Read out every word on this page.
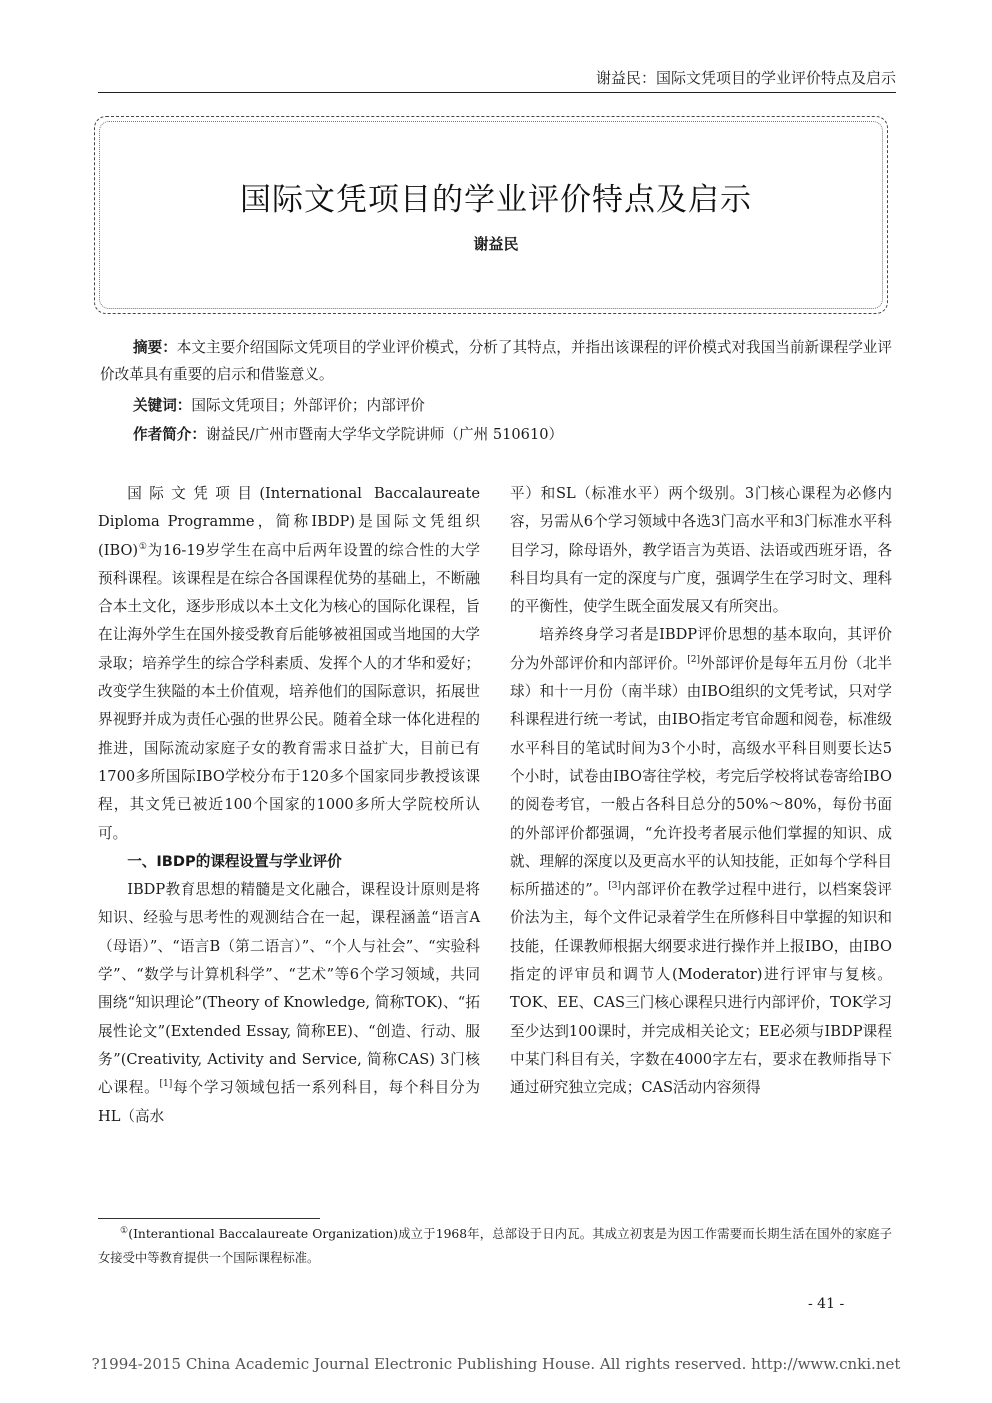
谢益民：国际文凭项目的学业评价特点及启示
国际文凭项目的学业评价特点及启示
谢益民
摘要：本文主要介绍国际文凭项目的学业评价模式，分析了其特点，并指出该课程的评价模式对我国当前新课程学业评价改革具有重要的启示和借鉴意义。
关键词：国际文凭项目；外部评价；内部评价
作者简介：谢益民/广州市暨南大学华文学院讲师（广州 510610）

国际文凭项目(International Baccalaureate Diploma Programme，简称IBDP)是国际文凭组织(IBO)①为16-19岁学生在高中后两年设置的综合性的大学预科课程。该课程是在综合各国课程优势的基础上，不断融合本土文化，逐步形成以本土文化为核心的国际化课程，旨在让海外学生在国外接受教育后能够被祖国或当地国的大学录取；培养学生的综合学科素质、发挥个人的才华和爱好；改变学生狭隘的本土价值观，培养他们的国际意识，拓展世界视野并成为责任心强的世界公民。随着全球一体化进程的推进，国际流动家庭子女的教育需求日益扩大，目前已有1700多所国际IBO学校分布于120多个国家同步教授该课程，其文凭已被近100个国家的1000多所大学院校所认可。

一、IBDP的课程设置与学业评价

IBDP教育思想的精髓是文化融合，课程设计原则是将知识、经验与思考性的观测结合在一起，课程涵盖“语言A（母语）”、“语言B（第二语言）”、“个人与社会”、“实验科学”、“数学与计算机科学”、“艺术”等6个学习领域，共同围绕“知识理论”(Theory of Knowledge, 简称TOK)、“拓展性论文”(Extended Essay, 简称EE)、“创造、行动、服务”(Creativity, Activity and Service, 简称CAS) 3门核心课程。[1]每个学习领域包括一系列科目，每个科目分为HL（高水

平）和SL（标准水平）两个级别。3门核心课程为必修内容，另需从6个学习领域中各选3门高水平和3门标准水平科目学习，除母语外，教学语言为英语、法语或西班牙语，各科目均具有一定的深度与广度，强调学生在学习时文、理科的平衡性，使学生既全面发展又有所突出。

培养终身学习者是IBDP评价思想的基本取向，其评价分为外部评价和内部评价。[2]外部评价是每年五月份（北半球）和十一月份（南半球）由IBO组织的文凭考试，只对学科课程进行统一考试，由IBO指定考官命题和阅卷，标准级水平科目的笔试时间为3个小时，高级水平科目则要长达5个小时，试卷由IBO寄往学校，考完后学校将试卷寄给IBO的阅卷考官，一般占各科目总分的50%～80%，每份书面的外部评价都强调，“允许投考者展示他们掌握的知识、成就、理解的深度以及更高水平的认知技能，正如每个学科目标所描述的”。[3]内部评价在教学过程中进行，以档案袋评价法为主，每个文件记录着学生在所修科目中掌握的知识和技能，任课教师根据大纲要求进行操作并上报IBO，由IBO指定的评审员和调节人(Moderator)进行评审与复核。TOK、EE、CAS三门核心课程只进行内部评价，TOK学习至少达到100课时，并完成相关论文；EE必须与IBDP课程中某门科目有关，字数在4000字左右，要求在教师指导下通过研究独立完成；CAS活动内容须得

①(Interantional Baccalaureate Organization)成立于1968年，总部设于日内瓦。其成立初衷是为因工作需要而长期生活在国外的家庭子女接受中等教育提供一个国际课程标准。
- 41 -
?1994-2015 China Academic Journal Electronic Publishing House. All rights reserved. http://www.cnki.net
